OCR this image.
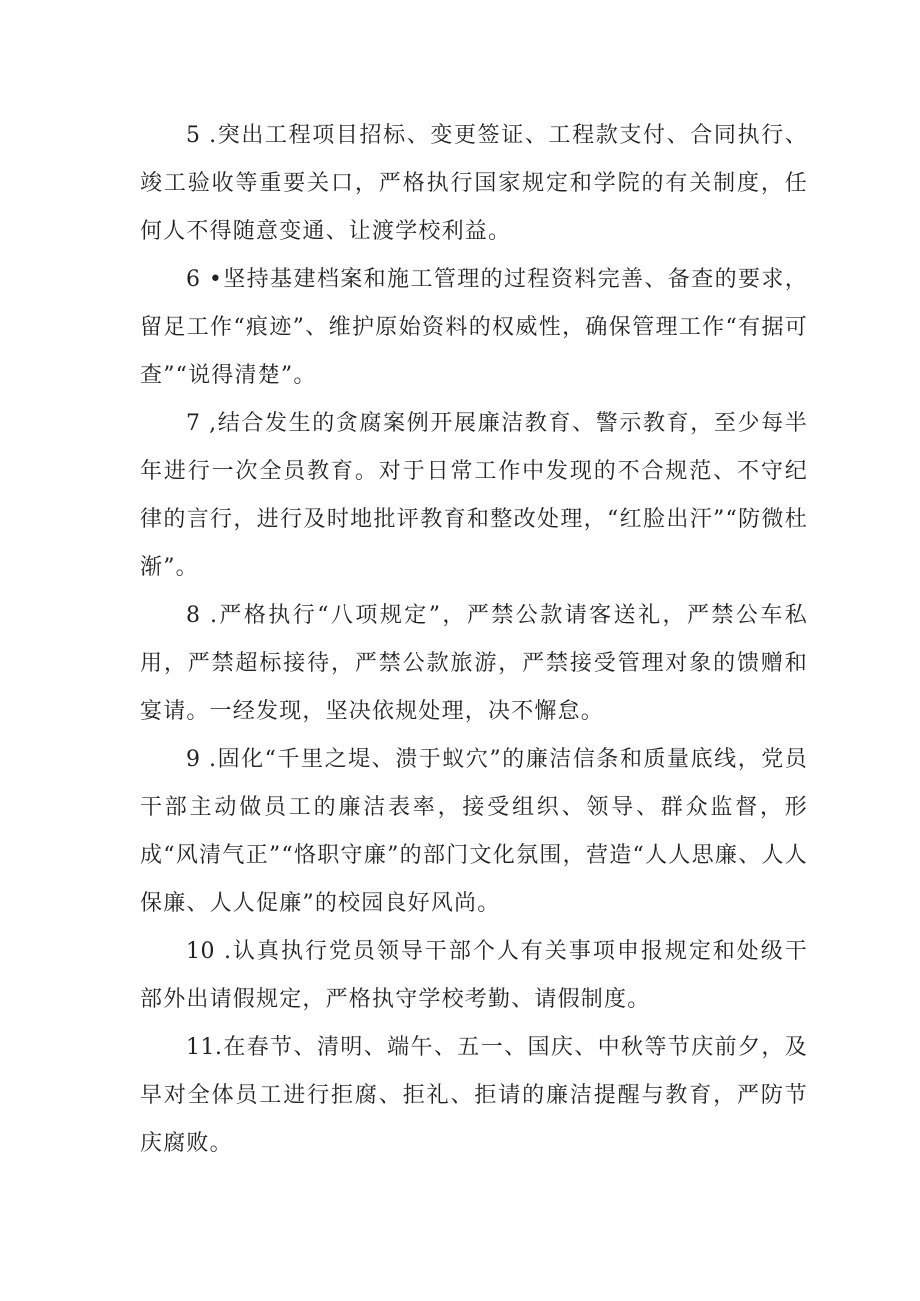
5 .突出工程项目招标、变更签证、工程款支付、合同执行、竣工验收等重要关口，严格执行国家规定和学院的有关制度，任何人不得随意变通、让渡学校利益。

6 •坚持基建档案和施工管理的过程资料完善、备查的要求，留足工作“痕迹”、维护原始资料的权威性，确保管理工作“有据可查”“说得清楚”。

7 ,结合发生的贪腐案例开展廉洁教育、警示教育，至少每半年进行一次全员教育。对于日常工作中发现的不合规范、不守纪律的言行，进行及时地批评教育和整改处理，“红脸出汗”“防微杜渐”。

8 .严格执行“八项规定”，严禁公款请客送礼，严禁公车私用，严禁超标接待，严禁公款旅游，严禁接受管理对象的馈赠和宴请。一经发现，坚决依规处理，决不懈怠。

9 .固化“千里之堤、溃于蚁穴”的廉洁信条和质量底线，党员干部主动做员工的廉洁表率，接受组织、领导、群众监督，形成“风清气正”“恪职守廉”的部门文化氛围，营造“人人思廉、人人保廉、人人促廉”的校园良好风尚。

10 .认真执行党员领导干部个人有关事项申报规定和处级干部外出请假规定，严格执守学校考勤、请假制度。

11.在春节、清明、端午、五一、国庆、中秋等节庆前夕，及早对全体员工进行拒腐、拒礼、拒请的廉洁提醒与教育，严防节庆腐败。
